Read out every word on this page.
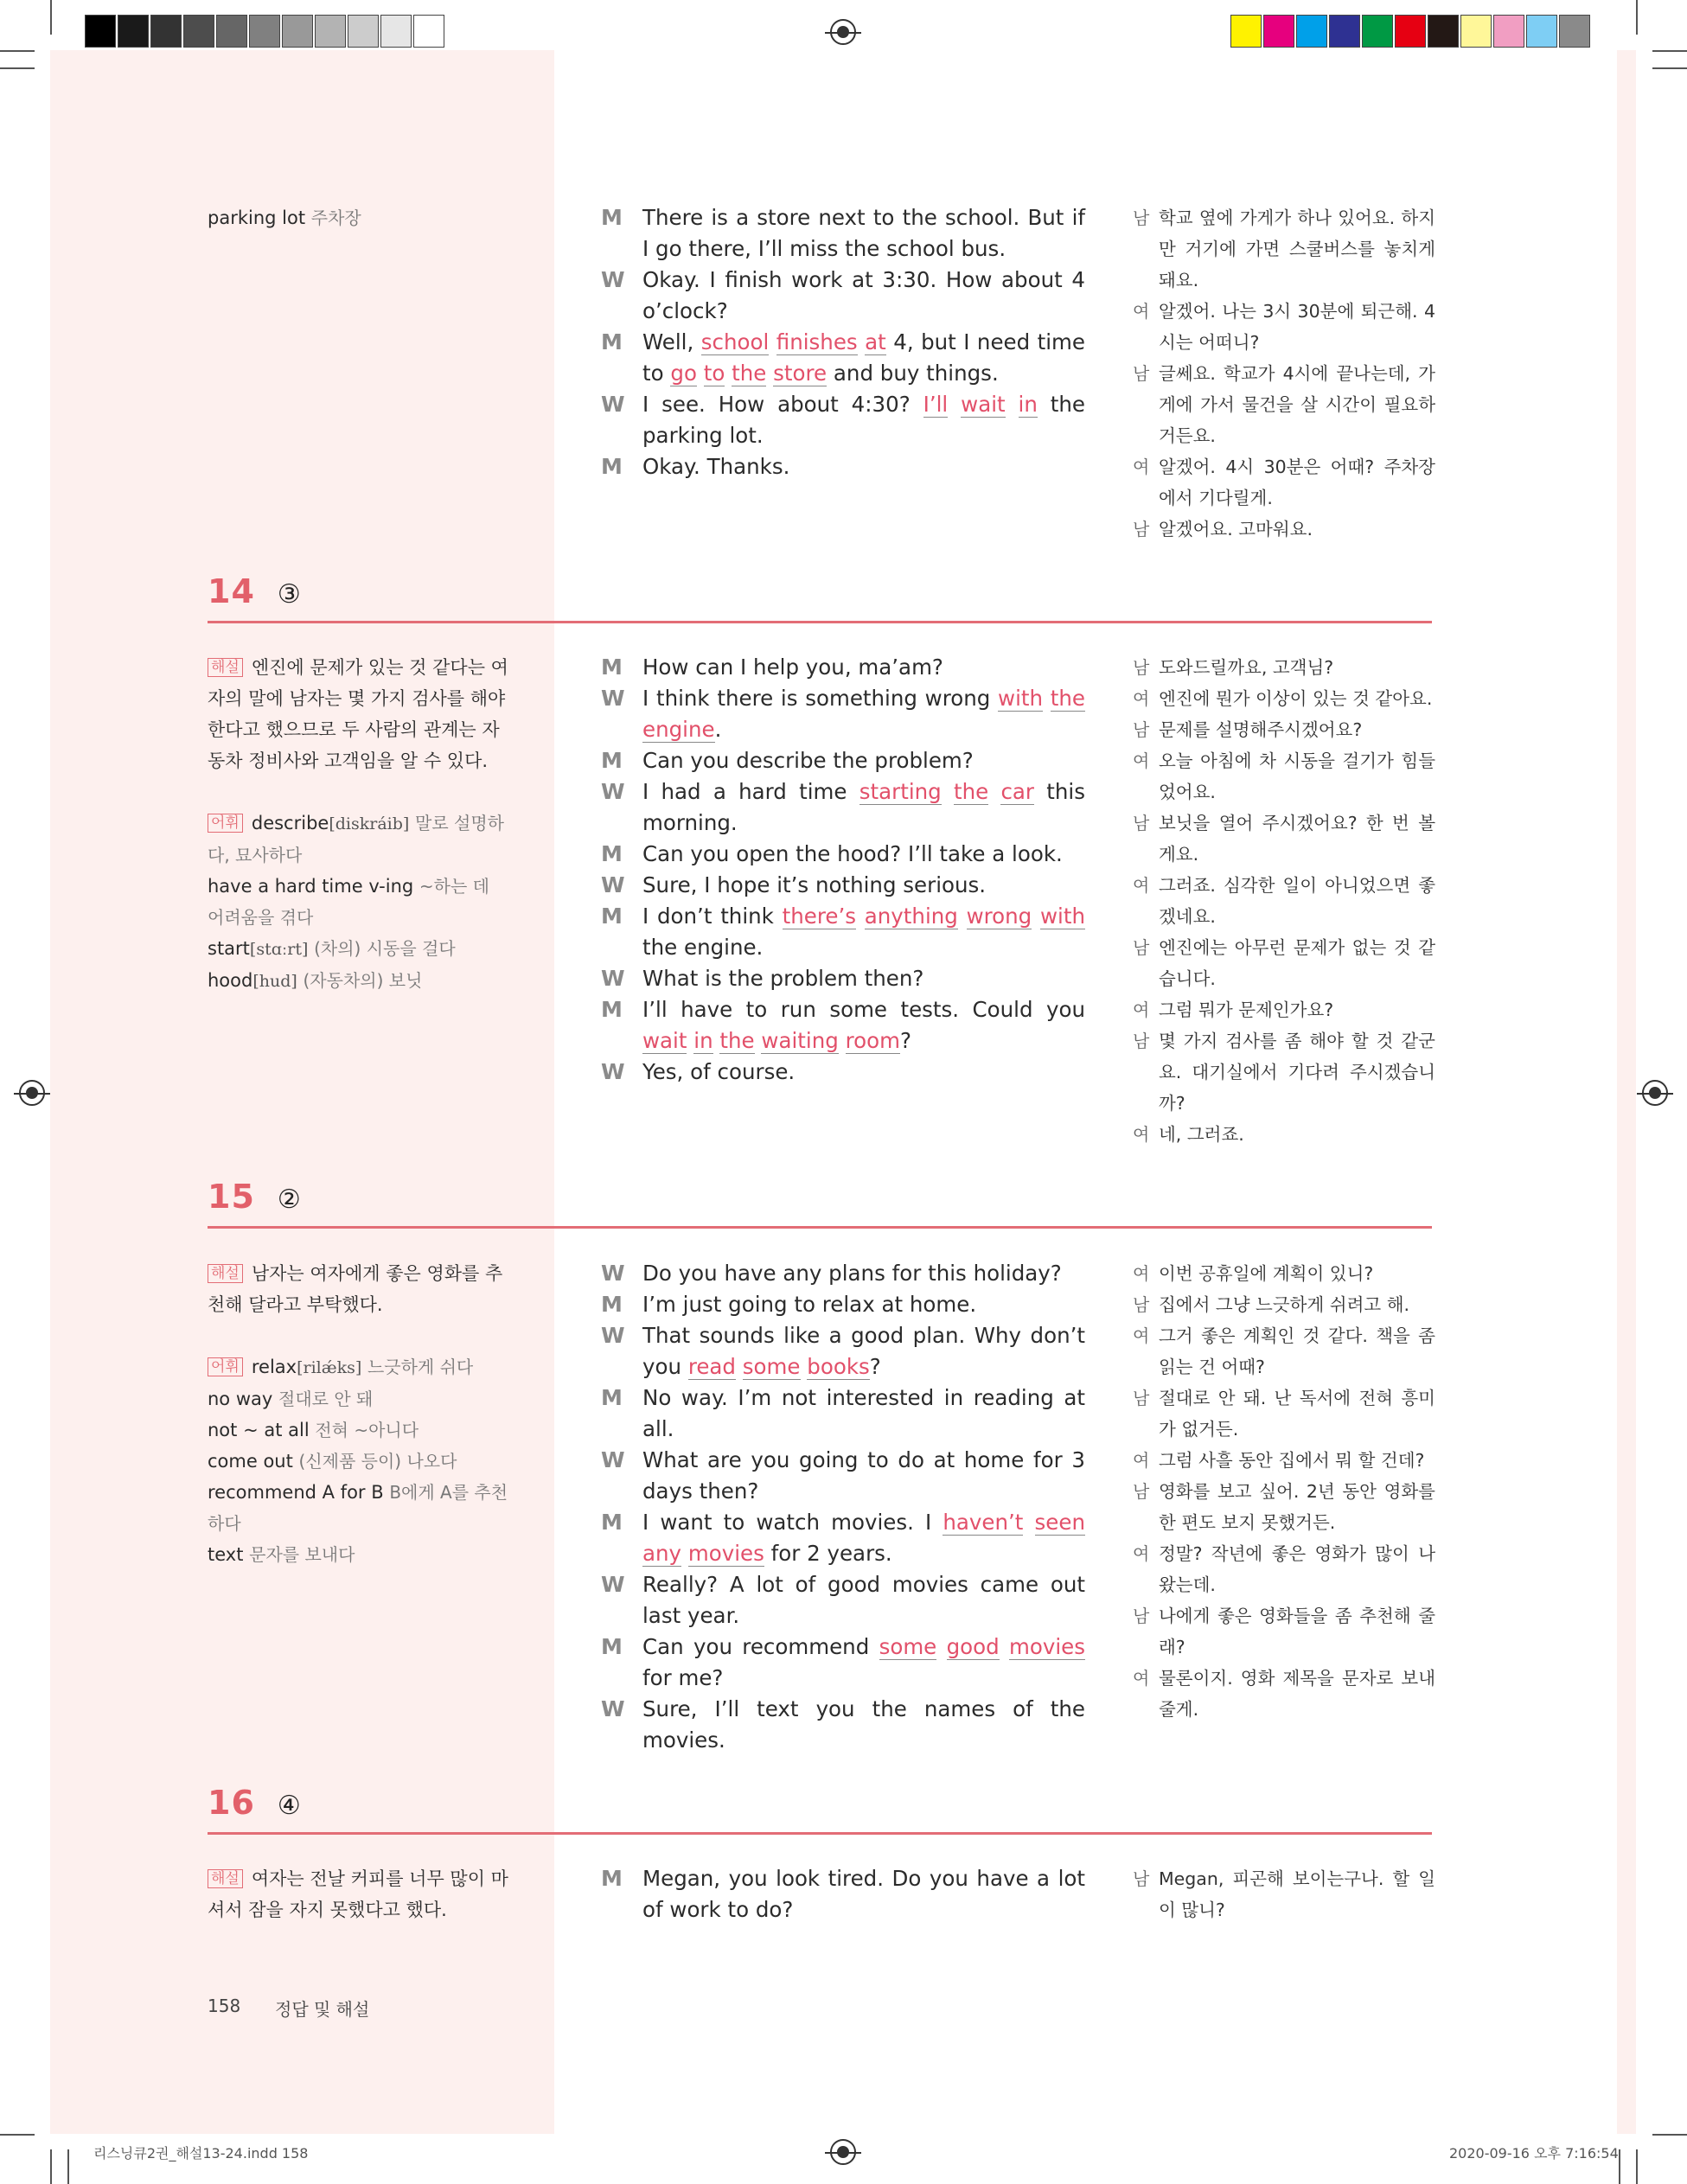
parking lot 주차장	M There is a store next to the school. But if I go there, I’ll miss the school bus.
W Okay. I finish work at 3:30. How about 4 o’clock?
M Well, school finishes at 4, but I need time to go to the store and buy things.
W I see. How about 4:30? I’ll wait in the parking lot.
M Okay. Thanks.
남 학교 옆에 가게가 하나 있어요. 하지만 거기에 가면 스쿨버스를 놓치게 돼요.
여 알겠어. 나는 3시 30분에 퇴근해. 4시는 어떠니?
남 글쎄요. 학교가 4시에 끝나는데, 가게에 가서 물건을 살 시간이 필요하거든요.
여 알겠어. 4시 30분은 어때? 주차장에서 기다릴게.
남 알겠어요. 고마워요.
14 ③

해설 엔진에 문제가 있는 것 같다는 여자의 말에 남자는 몇 가지 검사를 해야 한다고 했으므로 두 사람의 관계는 자동차 정비사와 고객임을 알 수 있다.

어휘 describe[diskráib] 말로 설명하다, 묘사하다

have a hard time v-ing ~하는 데 어려움을 겪다

start[stɑːrt] (차의) 시동을 걸다

hood[hud] (자동차의) 보닛

M How can I help you, ma’am?
W I think there is something wrong with the engine.
M Can you describe the problem?
W I had a hard time starting the car this morning.
M Can you open the hood? I’ll take a look.
W Sure, I hope it’s nothing serious.
M I don’t think there’s anything wrong with the engine.
W What is the problem then?
M I’ll have to run some tests. Could you wait in the waiting room?
W Yes, of course.
남 도와드릴까요, 고객님?
여 엔진에 뭔가 이상이 있는 것 같아요.
남 문제를 설명해주시겠어요?
여 오늘 아침에 차 시동을 걸기가 힘들었어요.
남 보닛을 열어 주시겠어요? 한 번 볼게요.
여 그러죠. 심각한 일이 아니었으면 좋겠네요.
남 엔진에는 아무런 문제가 없는 것 같습니다.
여 그럼 뭐가 문제인가요?
남 몇 가지 검사를 좀 해야 할 것 같군요. 대기실에서 기다려 주시겠습니까?
여 네, 그러죠.
15 ②

해설 남자는 여자에게 좋은 영화를 추천해 달라고 부탁했다.

어휘 relax[rilǽks] 느긋하게 쉬다

no way 절대로 안 돼

not ~ at all 전혀 ~아니다

come out (신제품 등이) 나오다

recommend A for B B에게 A를 추천하다

text 문자를 보내다

W Do you have any plans for this holiday?
M I’m just going to relax at home.
W That sounds like a good plan. Why don’t you read some books?
M No way. I’m not interested in reading at all.
W What are you going to do at home for 3 days then?
M I want to watch movies. I haven’t seen any movies for 2 years.
W Really? A lot of good movies came out last year.
M Can you recommend some good movies for me?
W Sure, I’ll text you the names of the movies.
여 이번 공휴일에 계획이 있니?
남 집에서 그냥 느긋하게 쉬려고 해.
여 그거 좋은 계획인 것 같다. 책을 좀 읽는 건 어때?
남 절대로 안 돼. 난 독서에 전혀 흥미가 없거든.
여 그럼 사흘 동안 집에서 뭐 할 건데?
남 영화를 보고 싶어. 2년 동안 영화를 한 편도 보지 못했거든.
여 정말? 작년에 좋은 영화가 많이 나왔는데.
남 나에게 좋은 영화들을 좀 추천해 줄래?
여 물론이지. 영화 제목을 문자로 보내줄게.
16 ④

해설 여자는 전날 커피를 너무 많이 마셔서 잠을 자지 못했다고 했다.

M Megan, you look tired. Do you have a lot of work to do?
남 Megan, 피곤해 보이는구나. 할 일이 많니?
158 정답 및 해설
리스닝큐2권_해설13-24.indd 158	2020-09-16 오후 7:16:54
